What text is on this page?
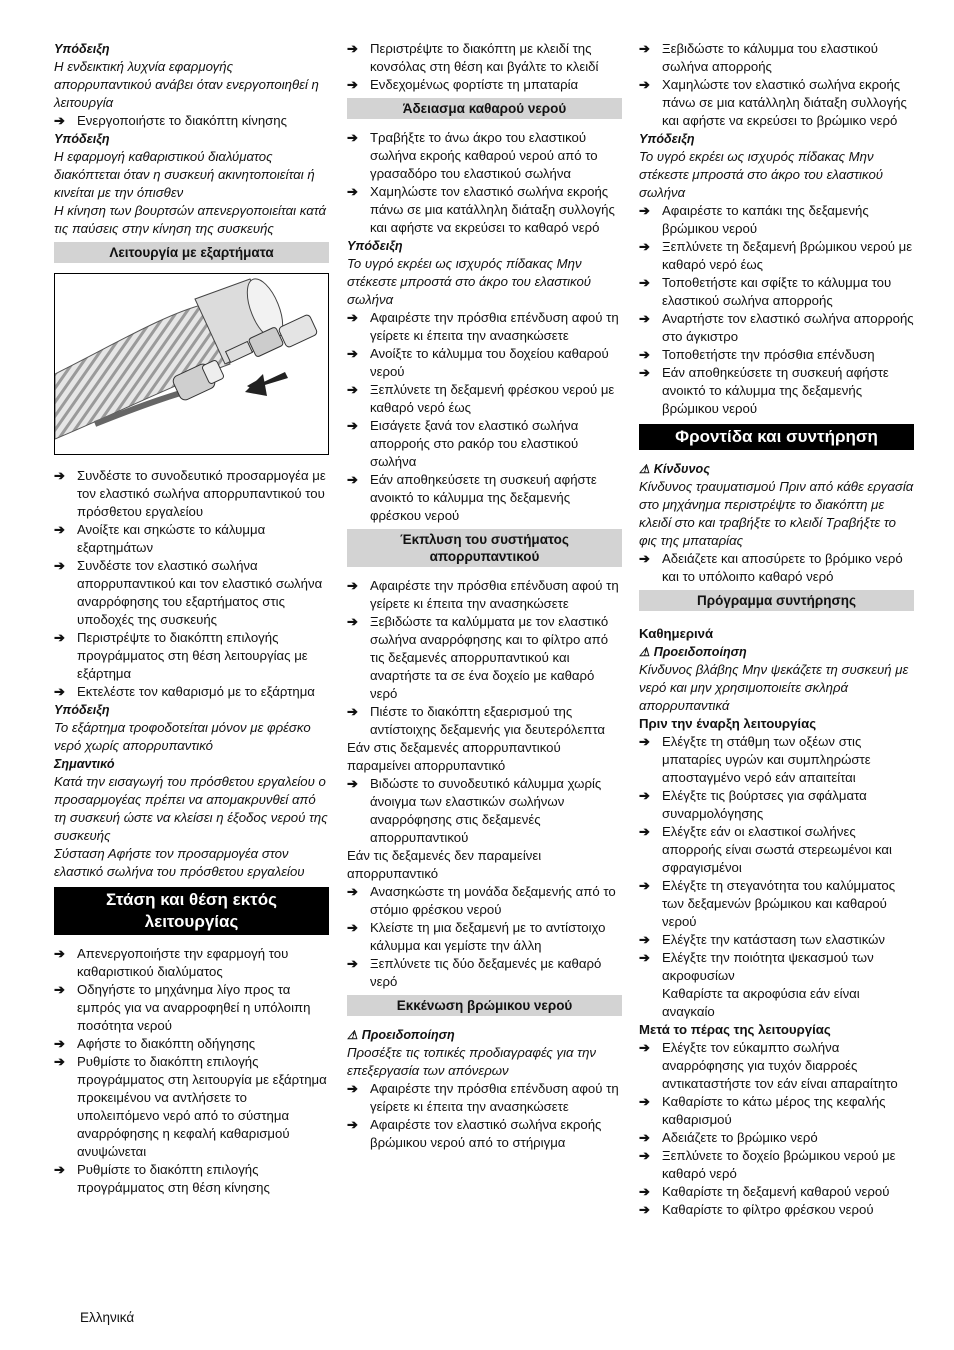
Υπόδειξη

Η ενδεικτική λυχνία εφαρμογής απορρυπαντικού ανάβει όταν ενεργοποιηθεί η λειτουργία

➔ Ενεργοποιήστε το διακόπτη κίνησης

Υπόδειξη

Η εφαρμογή καθαριστικού διαλύματος διακόπτεται όταν η συσκευή ακινητοποιείται ή κινείται με την όπισθεν

Η κίνηση των βουρτσών απενεργοποιείται κατά τις παύσεις στην κίνηση της συσκευής

Λειτουργία με εξαρτήματα
➔ Συνδέστε το συνοδευτικό προσαρμογέα με τον ελαστικό σωλήνα απορρυπαντικού του πρόσθετου εργαλείου
➔ Ανοίξτε και σηκώστε το κάλυμμα εξαρτημάτων
➔ Συνδέστε τον ελαστικό σωλήνα απορρυπαντικού και τον ελαστικό σωλήνα αναρρόφησης του εξαρτήματος στις υποδοχές της συσκευής
➔ Περιστρέψτε το διακόπτη επιλογής προγράμματος στη θέση λειτουργίας με εξάρτημα
➔ Εκτελέστε τον καθαρισμό με το εξάρτημα

Υπόδειξη

Το εξάρτημα τροφοδοτείται μόνον με φρέσκο νερό χωρίς απορρυπαντικό

Σημαντικό

Κατά την εισαγωγή του πρόσθετου εργαλείου ο προσαρμογέας πρέπει να απομακρυνθεί από τη συσκευή ώστε να κλείσει η έξοδος νερού της συσκευής

Σύσταση Αφήστε τον προσαρμογέα στον ελαστικό σωλήνα του πρόσθετου εργαλείου

Στάση και θέση εκτός λειτουργίας
➔ Απενεργοποιήστε την εφαρμογή του καθαριστικού διαλύματος
➔ Οδηγήστε το μηχάνημα λίγο προς τα εμπρός για να αναρροφηθεί η υπόλοιπη ποσότητα νερού
➔ Αφήστε το διακόπτη οδήγησης
➔ Ρυθμίστε το διακόπτη επιλογής προγράμματος στη λειτουργία με εξάρτημα προκειμένου να αντλήσετε το υπολειπόμενο νερό από το σύστημα αναρρόφησης η κεφαλή καθαρισμού ανυψώνεται
➔ Ρυθμίστε το διακόπτη επιλογής προγράμματος στη θέση κίνησης
➔ Περιστρέψτε το διακόπτη με κλειδί της κονσόλας στη θέση και βγάλτε το κλειδί
➔ Ενδεχομένως φορτίστε τη μπαταρία
Άδειασμα καθαρού νερού
➔ Τραβήξτε το άνω άκρο του ελαστικού σωλήνα εκροής καθαρού νερού από το γρασαδόρο του ελαστικού σωλήνα
➔ Χαμηλώστε τον ελαστικό σωλήνα εκροής πάνω σε μια κατάλληλη διάταξη συλλογής και αφήστε να εκρεύσει το καθαρό νερό

Υπόδειξη

Το υγρό εκρέει ως ισχυρός πίδακας Μην στέκεστε μπροστά στο άκρο του ελαστικού σωλήνα

➔ Αφαιρέστε την πρόσθια επένδυση αφού τη γείρετε κι έπειτα την ανασηκώσετε
➔ Ανοίξτε το κάλυμμα του δοχείου καθαρού νερού
➔ Ξεπλύνετε τη δεξαμενή φρέσκου νερού με καθαρό νερό έως
➔ Εισάγετε ξανά τον ελαστικό σωλήνα απορροής στο ρακόρ του ελαστικού σωλήνα
➔ Εάν αποθηκεύσετε τη συσκευή αφήστε ανοικτό το κάλυμμα της δεξαμενής φρέσκου νερού
Έκπλυση του συστήματος απορρυπαντικού
➔ Αφαιρέστε την πρόσθια επένδυση αφού τη γείρετε κι έπειτα την ανασηκώσετε
➔ Ξεβιδώστε τα καλύμματα με τον ελαστικό σωλήνα αναρρόφησης και το φίλτρο από τις δεξαμενές απορρυπαντικού και αναρτήστε τα σε ένα δοχείο με καθαρό νερό
➔ Πιέστε το διακόπτη εξαερισμού της αντίστοιχης δεξαμενής για δευτερόλεπτα

Εάν στις δεξαμενές απορρυπαντικού παραμείνει απορρυπαντικό

➔ Βιδώστε το συνοδευτικό κάλυμμα χωρίς άνοιγμα των ελαστικών σωλήνων αναρρόφησης στις δεξαμενές απορρυπαντικού

Εάν τις δεξαμενές δεν παραμείνει απορρυπαντικό

➔ Ανασηκώστε τη μονάδα δεξαμενής από το στόμιο φρέσκου νερού
➔ Κλείστε τη μια δεξαμενή με το αντίστοιχο κάλυμμα και γεμίστε την άλλη
➔ Ξεπλύνετε τις δύο δεξαμενές με καθαρό νερό
Εκκένωση βρώμικου νερού

⚠ Προειδοποίηση

Προσέξτε τις τοπικές προδιαγραφές για την επεξεργασία των απόνερων

➔ Αφαιρέστε την πρόσθια επένδυση αφού τη γείρετε κι έπειτα την ανασηκώσετε
➔ Αφαιρέστε τον ελαστικό σωλήνα εκροής βρώμικου νερού από το στήριγμα
➔ Ξεβιδώστε το κάλυμμα του ελαστικού σωλήνα απορροής
➔ Χαμηλώστε τον ελαστικό σωλήνα εκροής πάνω σε μια κατάλληλη διάταξη συλλογής και αφήστε να εκρεύσει το βρώμικο νερό

Υπόδειξη

Το υγρό εκρέει ως ισχυρός πίδακας Μην στέκεστε μπροστά στο άκρο του ελαστικού σωλήνα

➔ Αφαιρέστε το καπάκι της δεξαμενής βρώμικου νερού
➔ Ξεπλύνετε τη δεξαμενή βρώμικου νερού με καθαρό νερό έως
➔ Τοποθετήστε και σφίξτε το κάλυμμα του ελαστικού σωλήνα απορροής
➔ Αναρτήστε τον ελαστικό σωλήνα απορροής στο άγκιστρο
➔ Τοποθετήστε την πρόσθια επένδυση
➔ Εάν αποθηκεύσετε τη συσκευή αφήστε ανοικτό το κάλυμμα της δεξαμενής βρώμικου νερού
Φροντίδα και συντήρηση

⚠ Κίνδυνος

Κίνδυνος τραυματισμού Πριν από κάθε εργασία στο μηχάνημα περιστρέψτε το διακόπτη με κλειδί στο και τραβήξτε το κλειδί Τραβήξτε το φις της μπαταρίας

➔ Αδειάζετε και αποσύρετε το βρόμικο νερό και το υπόλοιπο καθαρό νερό
Πρόγραμμα συντήρησης

Καθημερινά

⚠ Προειδοποίηση

Κίνδυνος βλάβης Μην ψεκάζετε τη συσκευή με νερό και μην χρησιμοποιείτε σκληρά απορρυπαντικά

Πριν την έναρξη λειτουργίας

➔ Ελέγξτε τη στάθμη των οξέων στις μπαταρίες υγρών και συμπληρώστε αποσταγμένο νερό εάν απαιτείται
➔ Ελέγξτε τις βούρτσες για σφάλματα συναρμολόγησης
➔ Ελέγξτε εάν οι ελαστικοί σωλήνες απορροής είναι σωστά στερεωμένοι και σφραγισμένοι
➔ Ελέγξτε τη στεγανότητα του καλύμματος των δεξαμενών βρώμικου και καθαρού νερού
➔ Ελέγξτε την κατάσταση των ελαστικών
➔ Ελέγξτε την ποιότητα ψεκασμού των ακροφυσίων

Καθαρίστε τα ακροφύσια εάν είναι αναγκαίο

Μετά το πέρας της λειτουργίας

➔ Ελέγξτε τον εύκαμπτο σωλήνα αναρρόφησης για τυχόν διαρροές αντικαταστήστε τον εάν είναι απαραίτητο
➔ Καθαρίστε το κάτω μέρος της κεφαλής καθαρισμού
➔ Αδειάζετε το βρώμικο νερό
➔ Ξεπλύνετε το δοχείο βρώμικου νερού με καθαρό νερό
➔ Καθαρίστε τη δεξαμενή καθαρού νερού
➔ Καθαρίστε το φίλτρο φρέσκου νερού
Ελληνικά
